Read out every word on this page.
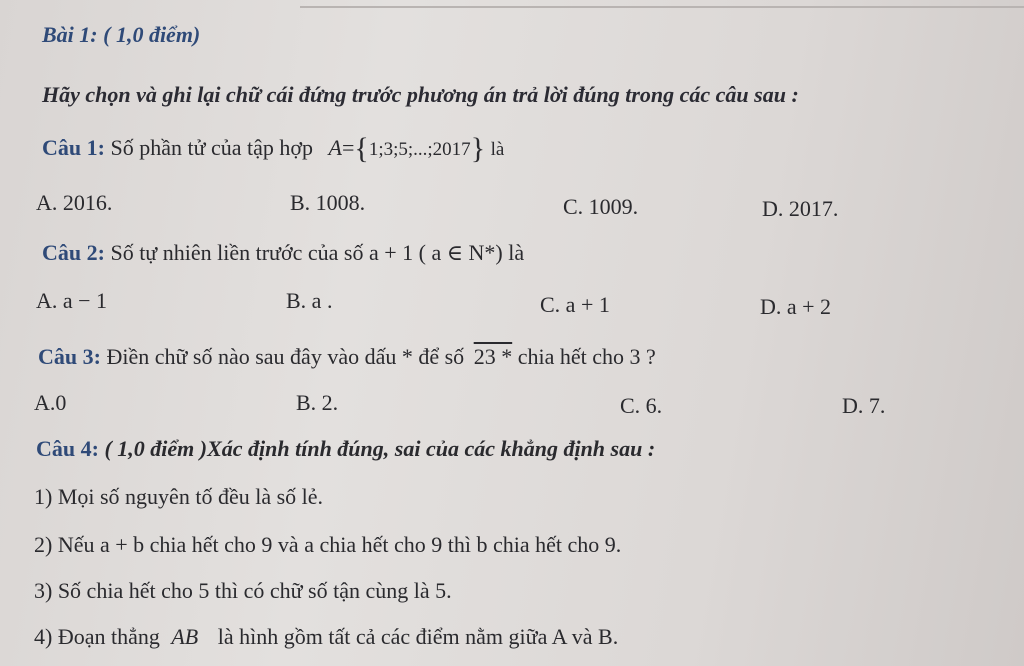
Bài 1: ( 1,0 điểm)
Hãy chọn và ghi lại chữ cái đứng trước phương án trả lời đúng trong các câu sau :
Câu 1: Số phần tử của tập hợp A={1;3;5;...;2017} là
A. 2016.	B. 1008.	C. 1009.	D. 2017.
Câu 2: Số tự nhiên liền trước của số a + 1 ( a ∈ N*) là
A. a − 1	B. a .	C. a + 1	D. a + 2
Câu 3: Điền chữ số nào sau đây vào dấu * để số 23 * chia hết cho 3 ?
A.0	B. 2.	C. 6.	D. 7.
Câu 4: ( 1,0 điểm )Xác định tính đúng, sai của các khẳng định sau :
1) Mọi số nguyên tố đều là số lẻ.
2) Nếu a + b chia hết cho 9 và a chia hết cho 9 thì b chia hết cho 9.
3) Số chia hết cho 5 thì có chữ số tận cùng là 5.
4) Đoạn thẳng AB là hình gồm tất cả các điểm nằm giữa A và B.
